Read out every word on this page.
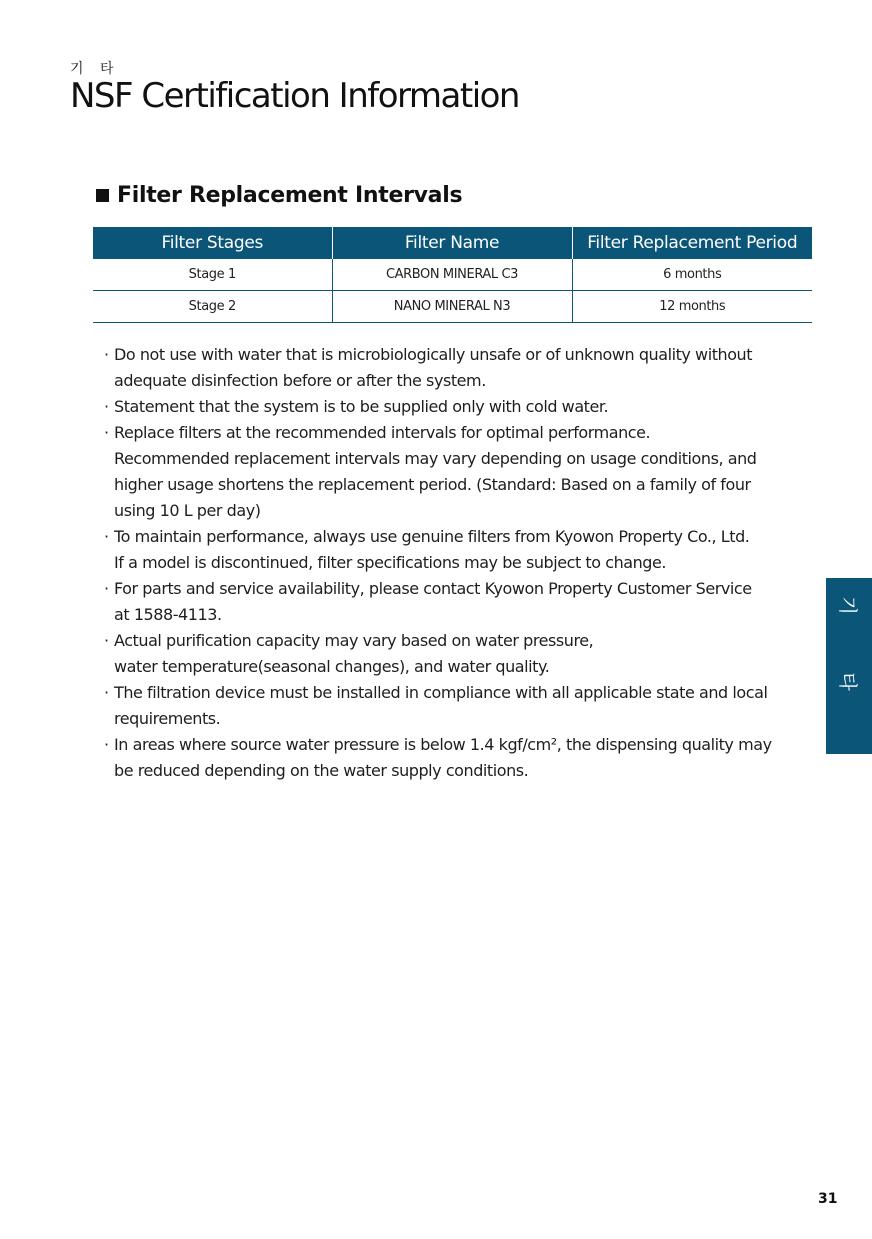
기 타
NSF Certification Information
Filter Replacement Intervals
Filter Stages	Filter Name	Filter Replacement Period
Stage 1	CARBON MINERAL C3	6 months
Stage 2	NANO MINERAL N3	12 months
· Do not use with water that is microbiologically unsafe or of unknown quality without
adequate disinfection before or after the system.
· Statement that the system is to be supplied only with cold water.
· Replace filters at the recommended intervals for optimal performance.
Recommended replacement intervals may vary depending on usage conditions, and
higher usage shortens the replacement period. (Standard: Based on a family of four
using 10 L per day)
· To maintain performance, always use genuine filters from Kyowon Property Co., Ltd.
If a model is discontinued, filter specifications may be subject to change.
· For parts and service availability, please contact Kyowon Property Customer Service
at 1588-4113.
· Actual purification capacity may vary based on water pressure,
water temperature(seasonal changes), and water quality.
· The filtration device must be installed in compliance with all applicable state and local
requirements.
· In areas where source water pressure is below 1.4 kgf/cm², the dispensing quality may
be reduced depending on the water supply conditions.
기
타
31
